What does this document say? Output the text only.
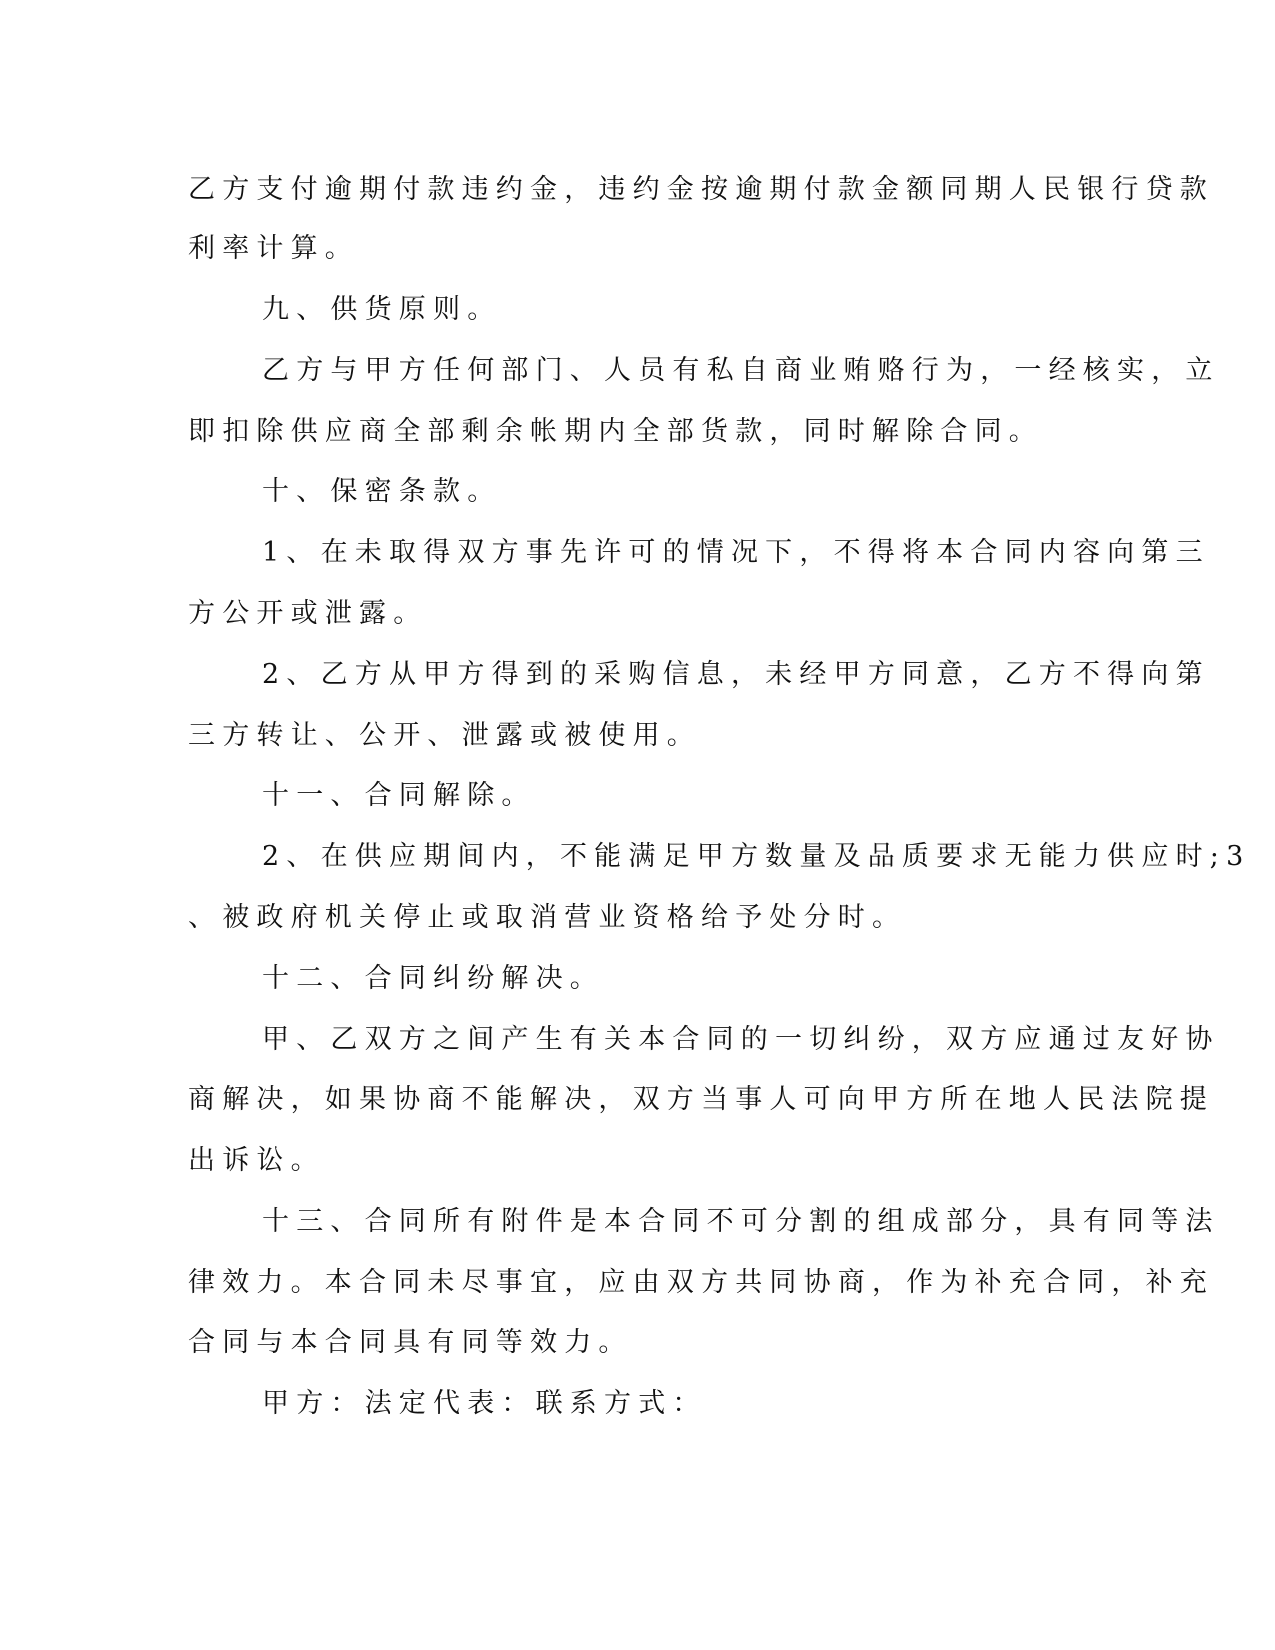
乙方支付逾期付款违约金，违约金按逾期付款金额同期人民银行贷款
利率计算。
九、供货原则。
乙方与甲方任何部门、人员有私自商业贿赂行为，一经核实，立
即扣除供应商全部剩余帐期内全部货款，同时解除合同。
十、保密条款。
1、在未取得双方事先许可的情况下，不得将本合同内容向第三
方公开或泄露。
2、乙方从甲方得到的采购信息，未经甲方同意，乙方不得向第
三方转让、公开、泄露或被使用。
十一、合同解除。
2、在供应期间内，不能满足甲方数量及品质要求无能力供应时;3
、被政府机关停止或取消营业资格给予处分时。
十二、合同纠纷解决。
甲、乙双方之间产生有关本合同的一切纠纷，双方应通过友好协
商解决，如果协商不能解决，双方当事人可向甲方所在地人民法院提
出诉讼。
十三、合同所有附件是本合同不可分割的组成部分，具有同等法
律效力。本合同未尽事宜，应由双方共同协商，作为补充合同，补充
合同与本合同具有同等效力。
甲方：法定代表：联系方式：
